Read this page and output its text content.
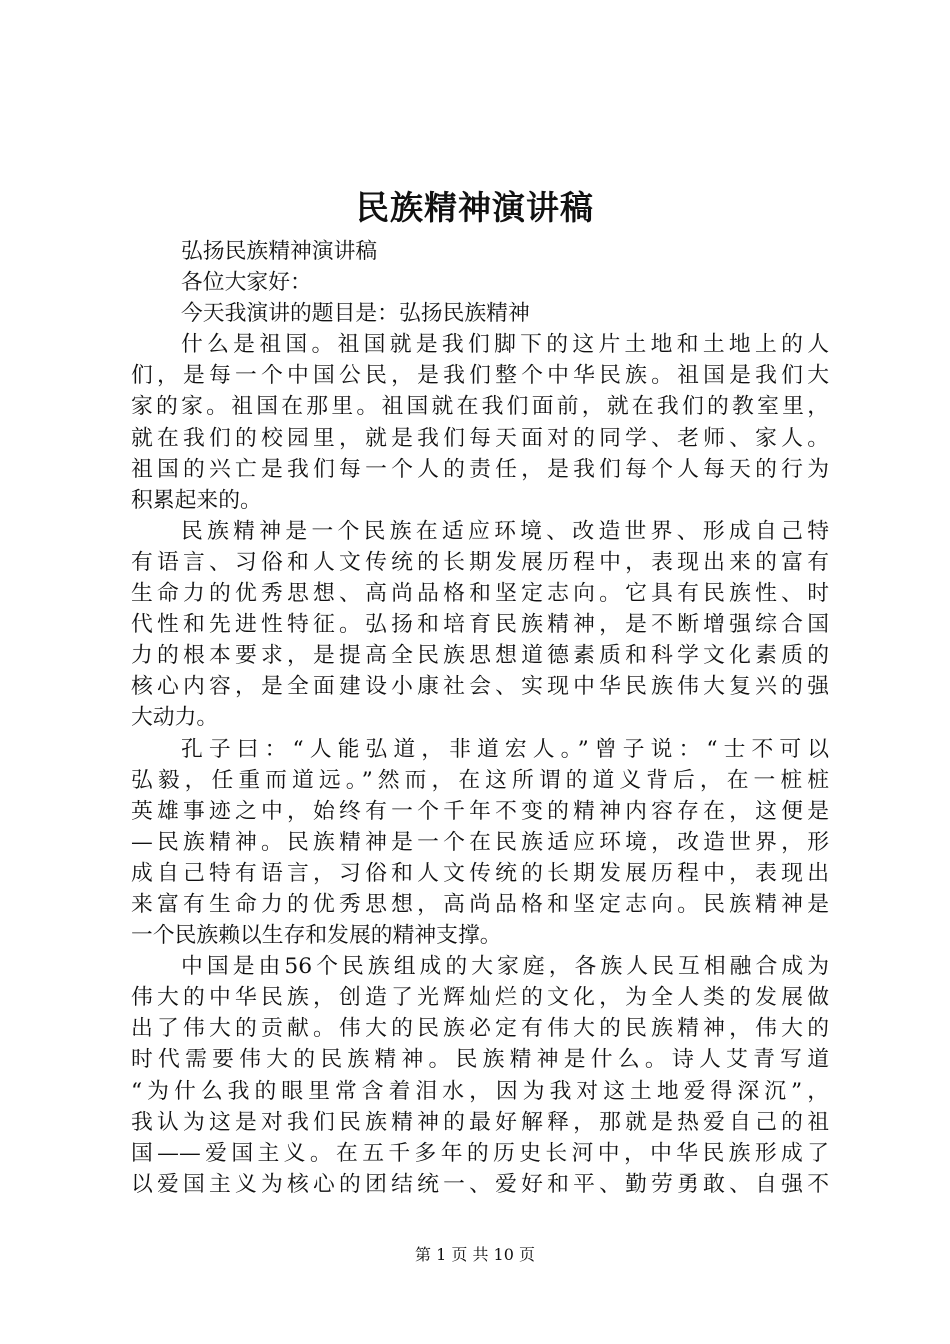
民族精神演讲稿
弘扬民族精神演讲稿
各位大家好：
今天我演讲的题目是：弘扬民族精神
什么是祖国。祖国就是我们脚下的这片土地和土地上的人
们，是每一个中国公民，是我们整个中华民族。祖国是我们大
家的家。祖国在那里。祖国就在我们面前，就在我们的教室里，
就在我们的校园里，就是我们每天面对的同学、老师、家人。
祖国的兴亡是我们每一个人的责任，是我们每个人每天的行为
积累起来的。
民族精神是一个民族在适应环境、改造世界、形成自己特
有语言、习俗和人文传统的长期发展历程中，表现出来的富有
生命力的优秀思想、高尚品格和坚定志向。它具有民族性、时
代性和先进性特征。弘扬和培育民族精神，是不断增强综合国
力的根本要求，是提高全民族思想道德素质和科学文化素质的
核心内容，是全面建设小康社会、实现中华民族伟大复兴的强
大动力。
孔子曰：“人能弘道，非道宏人。”曾子说：“士不可以
弘毅，任重而道远。”然而，在这所谓的道义背后，在一桩桩
英雄事迹之中，始终有一个千年不变的精神内容存在，这便是
—民族精神。民族精神是一个在民族适应环境，改造世界，形
成自己特有语言，习俗和人文传统的长期发展历程中，表现出
来富有生命力的优秀思想，高尚品格和坚定志向。民族精神是
一个民族赖以生存和发展的精神支撑。
中国是由56个民族组成的大家庭，各族人民互相融合成为
伟大的中华民族，创造了光辉灿烂的文化，为全人类的发展做
出了伟大的贡献。伟大的民族必定有伟大的民族精神，伟大的
时代需要伟大的民族精神。民族精神是什么。诗人艾青写道
“为什么我的眼里常含着泪水，因为我对这土地爱得深沉”，
我认为这是对我们民族精神的最好解释，那就是热爱自己的祖
国——爱国主义。在五千多年的历史长河中，中华民族形成了
以爱国主义为核心的团结统一、爱好和平、勤劳勇敢、自强不
第 1 页 共 10 页
